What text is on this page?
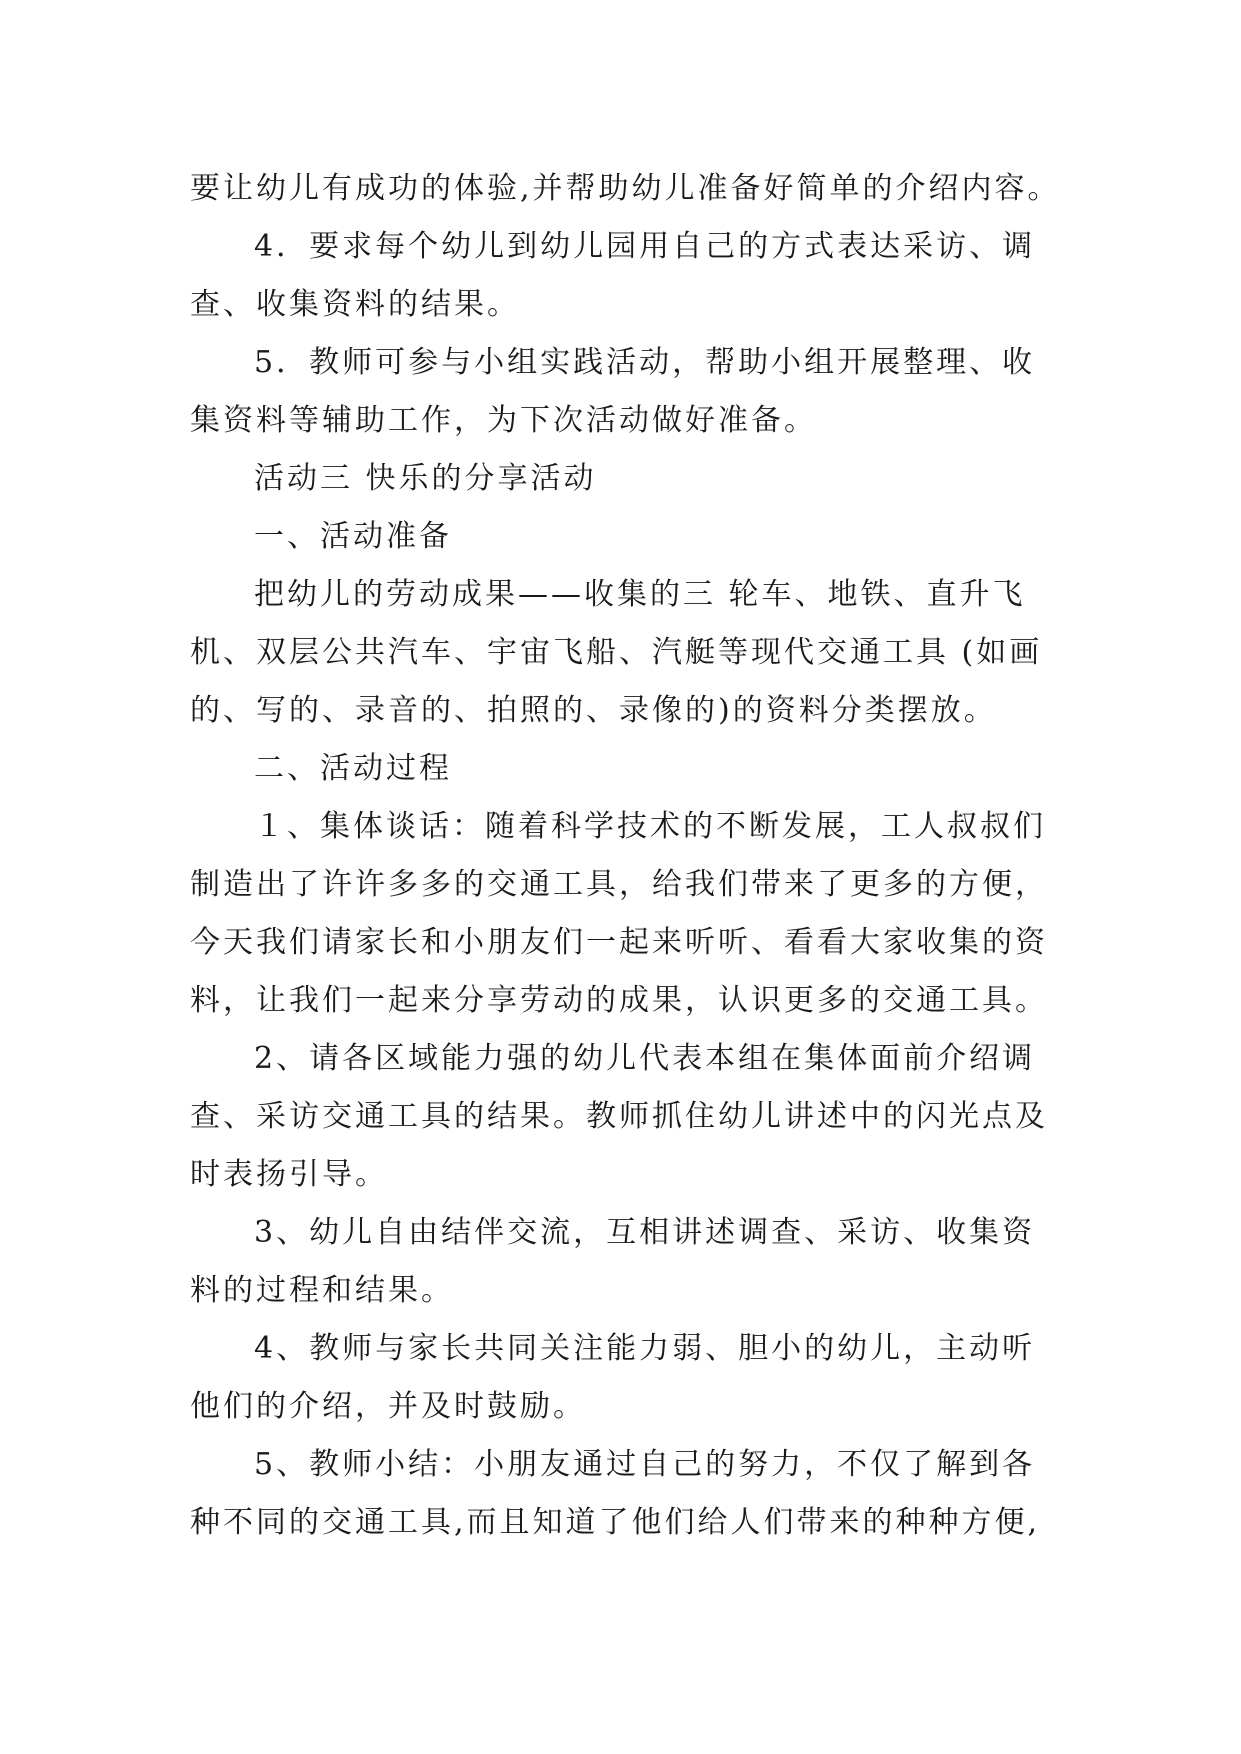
要让幼儿有成功的体验,并帮助幼儿准备好简单的介绍内容。
4．要求每个幼儿到幼儿园用自己的方式表达采访、调
查、收集资料的结果。
5．教师可参与小组实践活动，帮助小组开展整理、收
集资料等辅助工作，为下次活动做好准备。
活动三 快乐的分享活动
一、活动准备
把幼儿的劳动成果——收集的三 轮车、地铁、直升飞
机、双层公共汽车、宇宙飞船、汽艇等现代交通工具 (如画
的、写的、录音的、拍照的、录像的)的资料分类摆放。
二、活动过程
１、集体谈话：随着科学技术的不断发展，工人叔叔们
制造出了许许多多的交通工具，给我们带来了更多的方便，
今天我们请家长和小朋友们一起来听听、看看大家收集的资
料，让我们一起来分享劳动的成果，认识更多的交通工具。
2、请各区域能力强的幼儿代表本组在集体面前介绍调
查、采访交通工具的结果。教师抓住幼儿讲述中的闪光点及
时表扬引导。
3、幼儿自由结伴交流，互相讲述调查、采访、收集资
料的过程和结果。
4、教师与家长共同关注能力弱、胆小的幼儿，主动听
他们的介绍，并及时鼓励。
5、教师小结：小朋友通过自己的努力，不仅了解到各
种不同的交通工具,而且知道了他们给人们带来的种种方便,
